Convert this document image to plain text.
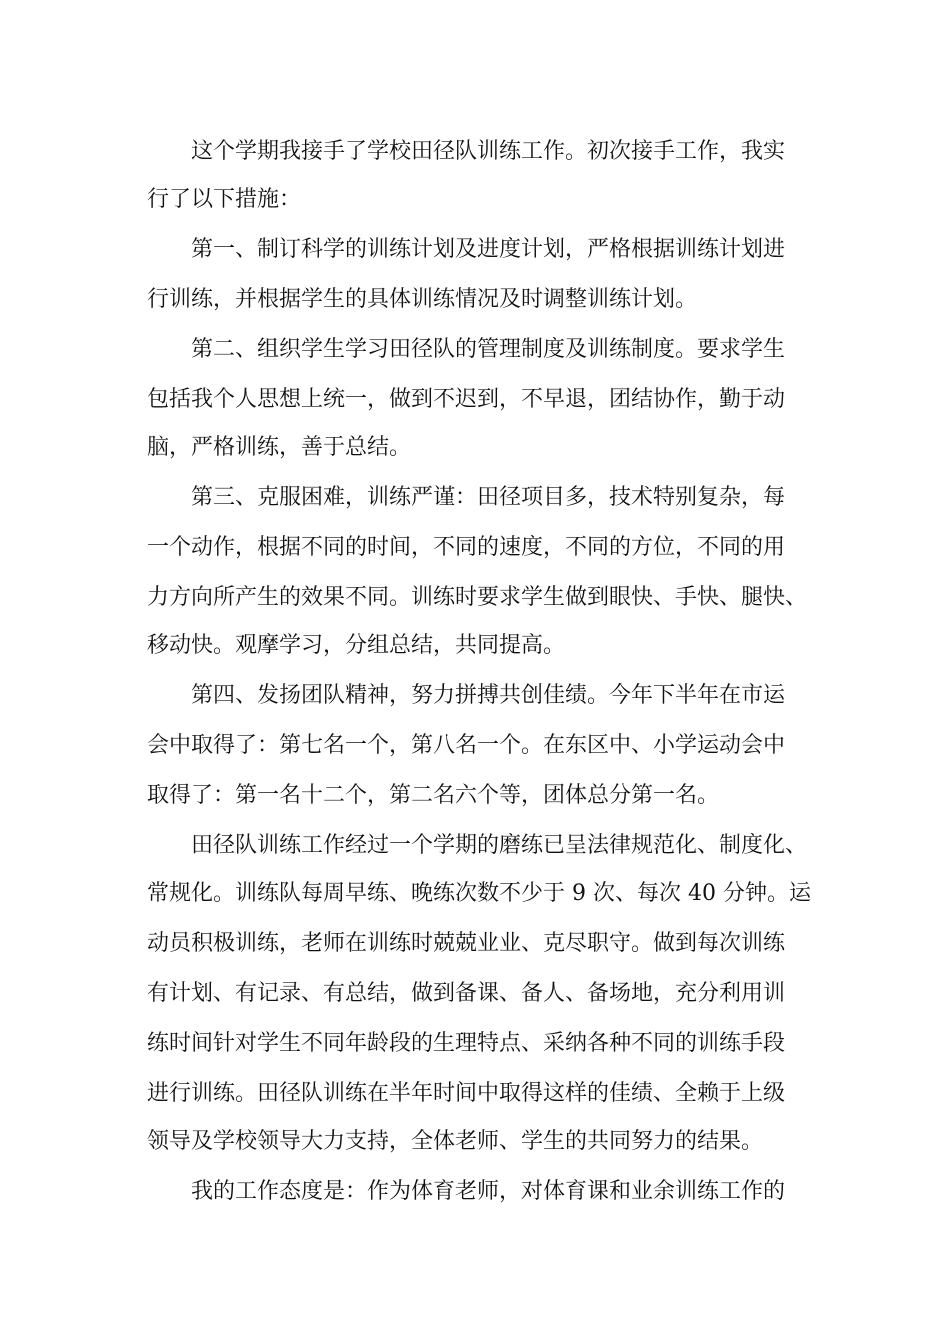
这个学期我接手了学校田径队训练工作。初次接手工作，我实
行了以下措施：
第一、制订科学的训练计划及进度计划，严格根据训练计划进
行训练，并根据学生的具体训练情况及时调整训练计划。
第二、组织学生学习田径队的管理制度及训练制度。要求学生
包括我个人思想上统一，做到不迟到，不早退，团结协作，勤于动
脑，严格训练，善于总结。
第三、克服困难，训练严谨：田径项目多，技术特别复杂，每
一个动作，根据不同的时间，不同的速度，不同的方位，不同的用
力方向所产生的效果不同。训练时要求学生做到眼快、手快、腿快、
移动快。观摩学习，分组总结，共同提高。
第四、发扬团队精神，努力拼搏共创佳绩。今年下半年在市运
会中取得了：第七名一个，第八名一个。在东区中、小学运动会中
取得了：第一名十二个，第二名六个等，团体总分第一名。
田径队训练工作经过一个学期的磨练已呈法律规范化、制度化、
常规化。训练队每周早练、晚练次数不少于 9 次、每次 40 分钟。运
动员积极训练，老师在训练时兢兢业业、克尽职守。做到每次训练
有计划、有记录、有总结，做到备课、备人、备场地，充分利用训
练时间针对学生不同年龄段的生理特点、采纳各种不同的训练手段
进行训练。田径队训练在半年时间中取得这样的佳绩、全赖于上级
领导及学校领导大力支持，全体老师、学生的共同努力的结果。
我的工作态度是：作为体育老师，对体育课和业余训练工作的
